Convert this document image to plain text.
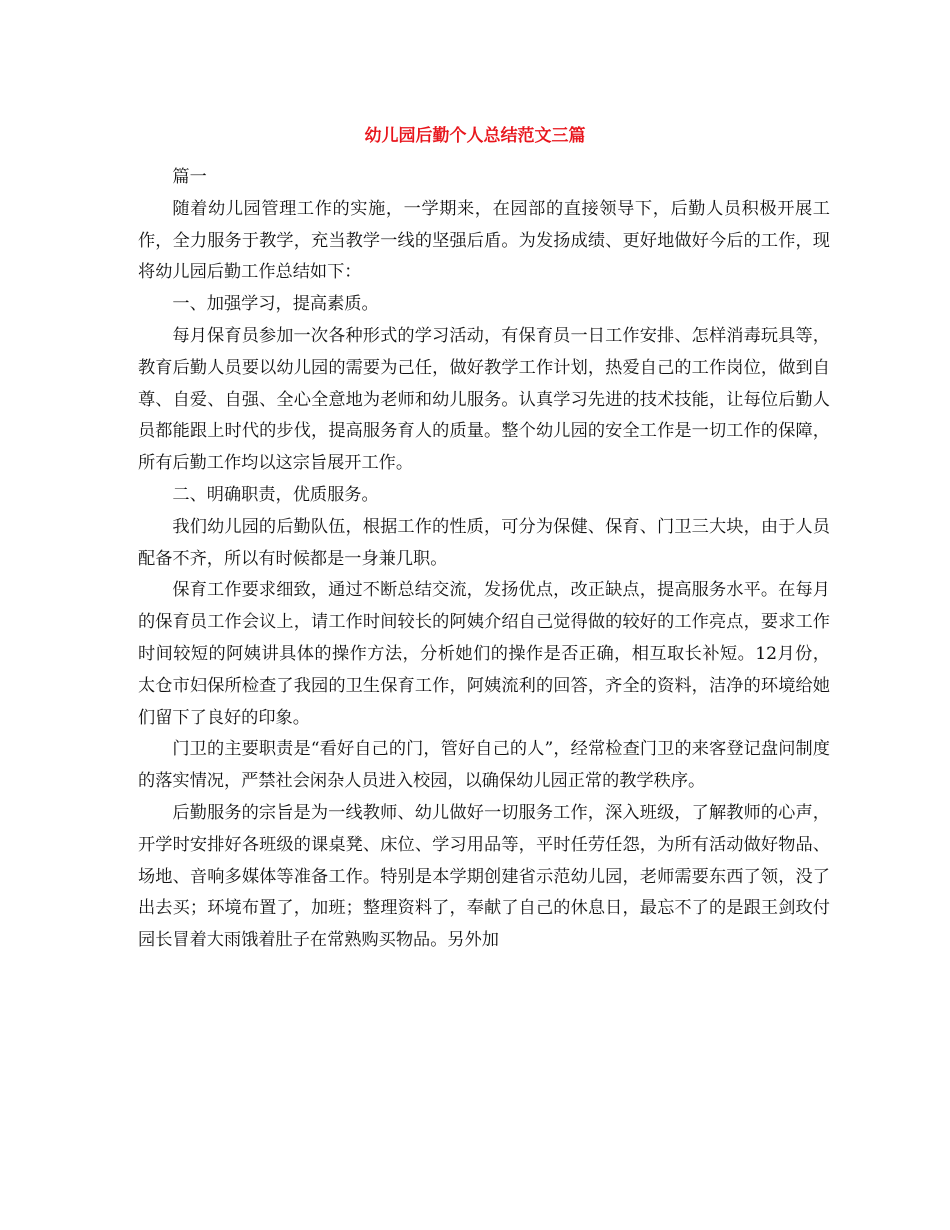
幼儿园后勤个人总结范文三篇

篇一

随着幼儿园管理工作的实施，一学期来，在园部的直接领导下，后勤人员积极开展工作，全力服务于教学，充当教学一线的坚强后盾。为发扬成绩、更好地做好今后的工作，现将幼儿园后勤工作总结如下：

一、加强学习，提高素质。

每月保育员参加一次各种形式的学习活动，有保育员一日工作安排、怎样消毒玩具等，教育后勤人员要以幼儿园的需要为己任，做好教学工作计划，热爱自己的工作岗位，做到自尊、自爱、自强、全心全意地为老师和幼儿服务。认真学习先进的技术技能，让每位后勤人员都能跟上时代的步伐，提高服务育人的质量。整个幼儿园的安全工作是一切工作的保障，所有后勤工作均以这宗旨展开工作。

二、明确职责，优质服务。

我们幼儿园的后勤队伍，根据工作的性质，可分为保健、保育、门卫三大块，由于人员配备不齐，所以有时候都是一身兼几职。

保育工作要求细致，通过不断总结交流，发扬优点，改正缺点，提高服务水平。在每月的保育员工作会议上，请工作时间较长的阿姨介绍自己觉得做的较好的工作亮点，要求工作时间较短的阿姨讲具体的操作方法，分析她们的操作是否正确，相互取长补短。12月份，太仓市妇保所检查了我园的卫生保育工作，阿姨流利的回答，齐全的资料，洁净的环境给她们留下了良好的印象。

门卫的主要职责是“看好自己的门，管好自己的人”，经常检查门卫的来客登记盘问制度的落实情况，严禁社会闲杂人员进入校园，以确保幼儿园正常的教学秩序。

后勤服务的宗旨是为一线教师、幼儿做好一切服务工作，深入班级，了解教师的心声，开学时安排好各班级的课桌凳、床位、学习用品等，平时任劳任怨，为所有活动做好物品、场地、音响多媒体等准备工作。特别是本学期创建省示范幼儿园，老师需要东西了领，没了出去买；环境布置了，加班；整理资料了，奉献了自己的休息日，最忘不了的是跟王剑玫付园长冒着大雨饿着肚子在常熟购买物品。另外加
